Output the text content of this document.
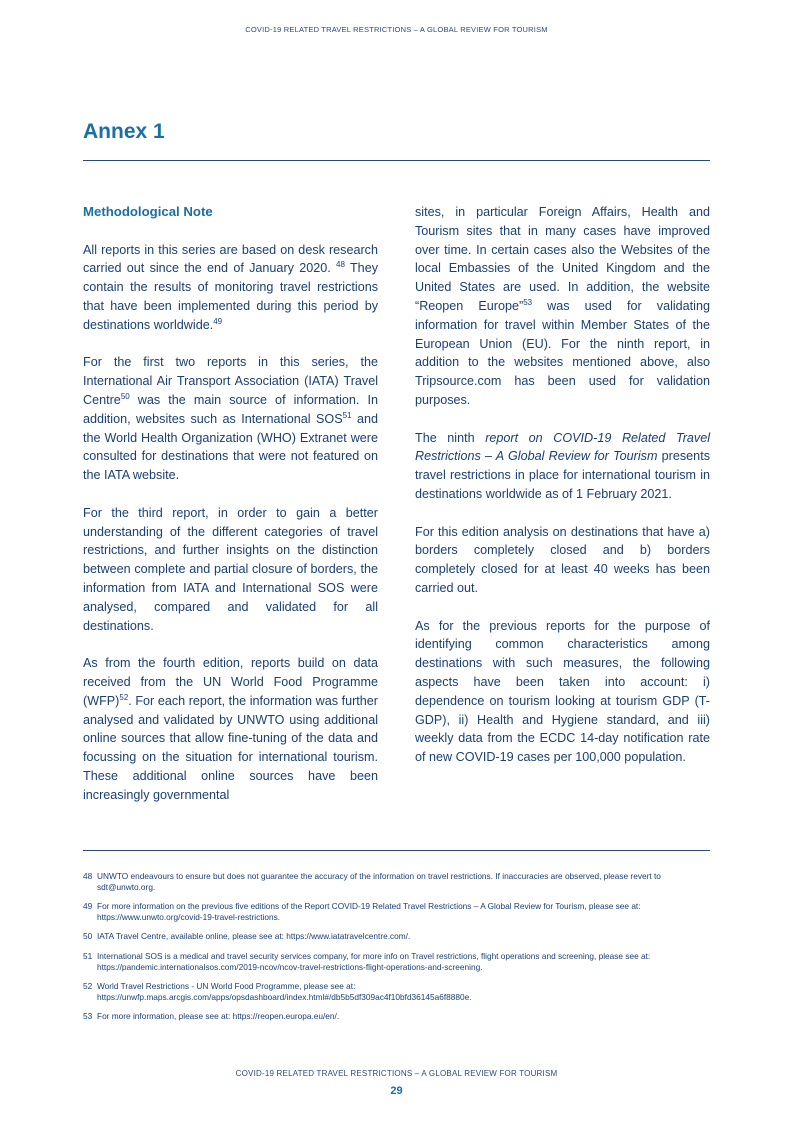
COVID-19 RELATED TRAVEL RESTRICTIONS – A GLOBAL REVIEW FOR TOURISM
Annex 1
Methodological Note

All reports in this series are based on desk research carried out since the end of January 2020. $^{48}$ They contain the results of monitoring travel restrictions that have been implemented during this period by destinations worldwide.$^{49}$

For the first two reports in this series, the International Air Transport Association (IATA) Travel Centre$^{50}$ was the main source of information. In addition, websites such as International SOS$^{51}$ and the World Health Organization (WHO) Extranet were consulted for destinations that were not featured on the IATA website.

For the third report, in order to gain a better understanding of the different categories of travel restrictions, and further insights on the distinction between complete and partial closure of borders, the information from IATA and International SOS were analysed, compared and validated for all destinations.

As from the fourth edition, reports build on data received from the UN World Food Programme (WFP)$^{52}$. For each report, the information was further analysed and validated by UNWTO using additional online sources that allow fine-tuning of the data and focussing on the situation for international tourism. These additional online sources have been increasingly governmental

sites, in particular Foreign Affairs, Health and Tourism sites that in many cases have improved over time. In certain cases also the Websites of the local Embassies of the United Kingdom and the United States are used. In addition, the website “Reopen Europe”$^{53}$ was used for validating information for travel within Member States of the European Union (EU). For the ninth report, in addition to the websites mentioned above, also Tripsource.com has been used for validation purposes.

The ninth report on COVID-19 Related Travel Restrictions – A Global Review for Tourism presents travel restrictions in place for international tourism in destinations worldwide as of 1 February 2021.

For this edition analysis on destinations that have a) borders completely closed and b) borders completely closed for at least 40 weeks has been carried out.

As for the previous reports for the purpose of identifying common characteristics among destinations with such measures, the following aspects have been taken into account: i) dependence on tourism looking at tourism GDP (T-GDP), ii) Health and Hygiene standard, and iii) weekly data from the ECDC 14-day notification rate of new COVID-19 cases per 100,000 population.

48 UNWTO endeavours to ensure but does not guarantee the accuracy of the information on travel restrictions. If inaccuracies are observed, please revert to sdt@unwto.org.
49 For more information on the previous five editions of the Report COVID-19 Related Travel Restrictions – A Global Review for Tourism, please see at: https://www.unwto.org/covid-19-travel-restrictions.
50 IATA Travel Centre, available online, please see at: https://www.iatatravelcentre.com/.
51 International SOS is a medical and travel security services company, for more info on Travel restrictions, flight operations and screening, please see at: https://pandemic.internationalsos.com/2019-ncov/ncov-travel-restrictions-flight-operations-and-screening.
52 World Travel Restrictions - UN World Food Programme, please see at: https://unwfp.maps.arcgis.com/apps/opsdashboard/index.html#/db5b5df309ac4f10bfd36145a6f8880e.
53 For more information, please see at: https://reopen.europa.eu/en/.
COVID-19 RELATED TRAVEL RESTRICTIONS – A GLOBAL REVIEW FOR TOURISM
29
